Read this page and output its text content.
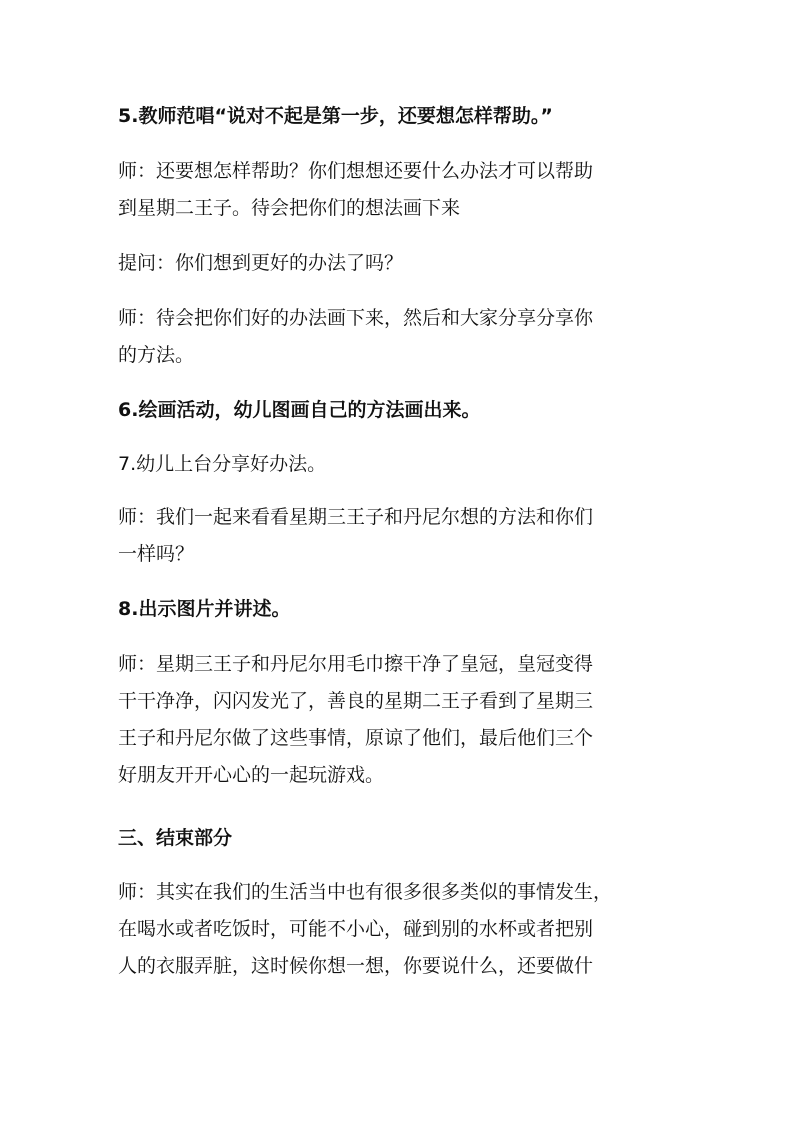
5.教师范唱“说对不起是第一步，还要想怎样帮助。”

师：还要想怎样帮助？你们想想还要什么办法才可以帮助
到星期二王子。待会把你们的想法画下来

提问：你们想到更好的办法了吗？

师：待会把你们好的办法画下来，然后和大家分享分享你
的方法。

6.绘画活动，幼儿图画自己的方法画出来。

7.幼儿上台分享好办法。

师：我们一起来看看星期三王子和丹尼尔想的方法和你们
一样吗？

8.出示图片并讲述。

师：星期三王子和丹尼尔用毛巾擦干净了皇冠，皇冠变得
干干净净，闪闪发光了，善良的星期二王子看到了星期三
王子和丹尼尔做了这些事情，原谅了他们，最后他们三个
好朋友开开心心的一起玩游戏。

三、结束部分

师：其实在我们的生活当中也有很多很多类似的事情发生，
在喝水或者吃饭时，可能不小心，碰到别的水杯或者把别
人的衣服弄脏，这时候你想一想，你要说什么，还要做什
